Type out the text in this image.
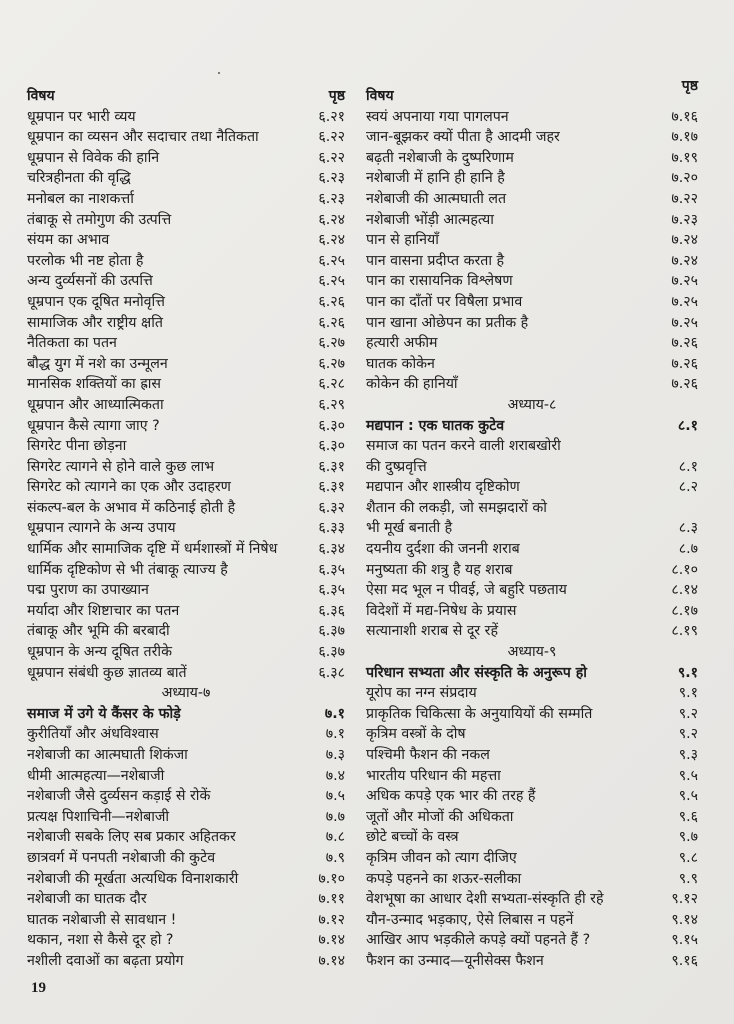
विषय	पृष्ठ
धूम्रपान पर भारी व्यय	६.२१
धूम्रपान का व्यसन और सदाचार तथा नैतिकता	६.२२
धूम्रपान से विवेक की हानि	६.२२
चरित्रहीनता की वृद्धि	६.२३
मनोबल का नाशकर्त्ता	६.२३
तंबाकू से तमोगुण की उत्पत्ति	६.२४
संयम का अभाव	६.२४
परलोक भी नष्ट होता है	६.२५
अन्य दुर्व्यसनों की उत्पत्ति	६.२५
धूम्रपान एक दूषित मनोवृत्ति	६.२६
सामाजिक और राष्ट्रीय क्षति	६.२६
नैतिकता का पतन	६.२७
बौद्ध युग में नशे का उन्मूलन	६.२७
मानसिक शक्तियों का ह्रास	६.२८
धूम्रपान और आध्यात्मिकता	६.२९
धूम्रपान कैसे त्यागा जाए ?	६.३०
सिगरेट पीना छोड़ना	६.३०
सिगरेट त्यागने से होने वाले कुछ लाभ	६.३१
सिगरेट को त्यागने का एक और उदाहरण	६.३१
संकल्प-बल के अभाव में कठिनाई होती है	६.३२
धूम्रपान त्यागने के अन्य उपाय	६.३३
धार्मिक और सामाजिक दृष्टि में धर्मशास्त्रों में निषेध	६.३४
धार्मिक दृष्टिकोण से भी तंबाकू त्याज्य है	६.३५
पद्म पुराण का उपाख्यान	६.३५
मर्यादा और शिष्टाचार का पतन	६.३६
तंबाकू और भूमि की बरबादी	६.३७
धूम्रपान के अन्य दूषित तरीके	६.३७
धूम्रपान संबंधी कुछ ज्ञातव्य बातें	६.३८
अध्याय-७
समाज में उगे ये कैंसर के फोड़े	७.१
कुरीतियाँ और अंधविश्वास	७.१
नशेबाजी का आत्मघाती शिकंजा	७.३
धीमी आत्महत्या—नशेबाजी	७.४
नशेबाजी जैसे दुर्व्यसन कड़ाई से रोकें	७.५
प्रत्यक्ष पिशाचिनी—नशेबाजी	७.७
नशेबाजी सबके लिए सब प्रकार अहितकर	७.८
छात्रवर्ग में पनपती नशेबाजी की कुटेव	७.९
नशेबाजी की मूर्खता अत्यधिक विनाशकारी	७.१०
नशेबाजी का घातक दौर	७.११
घातक नशेबाजी से सावधान !	७.१२
थकान, नशा से कैसे दूर हो ?	७.१४
नशीली दवाओं का बढ़ता प्रयोग	७.१४
विषय
पृष्ठ
स्वयं अपनाया गया पागलपन	७.१६
जान-बूझकर क्यों पीता है आदमी जहर	७.१७
बढ़ती नशेबाजी के दुष्परिणाम	७.१९
नशेबाजी में हानि ही हानि है	७.२०
नशेबाजी की आत्मघाती लत	७.२२
नशेबाजी भोंड़ी आत्महत्या	७.२३
पान से हानियाँ	७.२४
पान वासना प्रदीप्त करता है	७.२४
पान का रासायनिक विश्लेषण	७.२५
पान का दाँतों पर विषैला प्रभाव	७.२५
पान खाना ओछेपन का प्रतीक है	७.२५
हत्यारी अफीम	७.२६
घातक कोकेन	७.२६
कोकेन की हानियाँ	७.२६
अध्याय-८
मद्यपान : एक घातक कुटेव	८.१
समाज का पतन करने वाली शराबखोरी
की दुष्प्रवृत्ति	८.१
मद्यपान और शास्त्रीय दृष्टिकोण	८.२
शैतान की लकड़ी, जो समझदारों को
भी मूर्ख बनाती है	८.३
दयनीय दुर्दशा की जननी शराब	८.७
मनुष्यता की शत्रु है यह शराब	८.१०
ऐसा मद भूल न पीवई, जे बहुरि पछताय	८.१४
विदेशों में मद्य-निषेध के प्रयास	८.१७
सत्यानाशी शराब से दूर रहें	८.१९
अध्याय-९
परिधान सभ्यता और संस्कृति के अनुरूप हो	९.१
यूरोप का नग्न संप्रदाय	९.१
प्राकृतिक चिकित्सा के अनुयायियों की सम्मति	९.२
कृत्रिम वस्त्रों के दोष	९.२
पश्चिमी फैशन की नकल	९.३
भारतीय परिधान की महत्ता	९.५
अधिक कपड़े एक भार की तरह हैं	९.५
जूतों और मोजों की अधिकता	९.६
छोटे बच्चों के वस्त्र	९.७
कृत्रिम जीवन को त्याग दीजिए	९.८
कपड़े पहनने का शऊर-सलीका	९.९
वेशभूषा का आधार देशी सभ्यता-संस्कृति ही रहे	९.१२
यौन-उन्माद भड़काए, ऐसे लिबास न पहनें	९.१४
आखिर आप भड़कीले कपड़े क्यों पहनते हैं ?	९.१५
फैशन का उन्माद—यूनीसेक्स फैशन	९.१६
19
